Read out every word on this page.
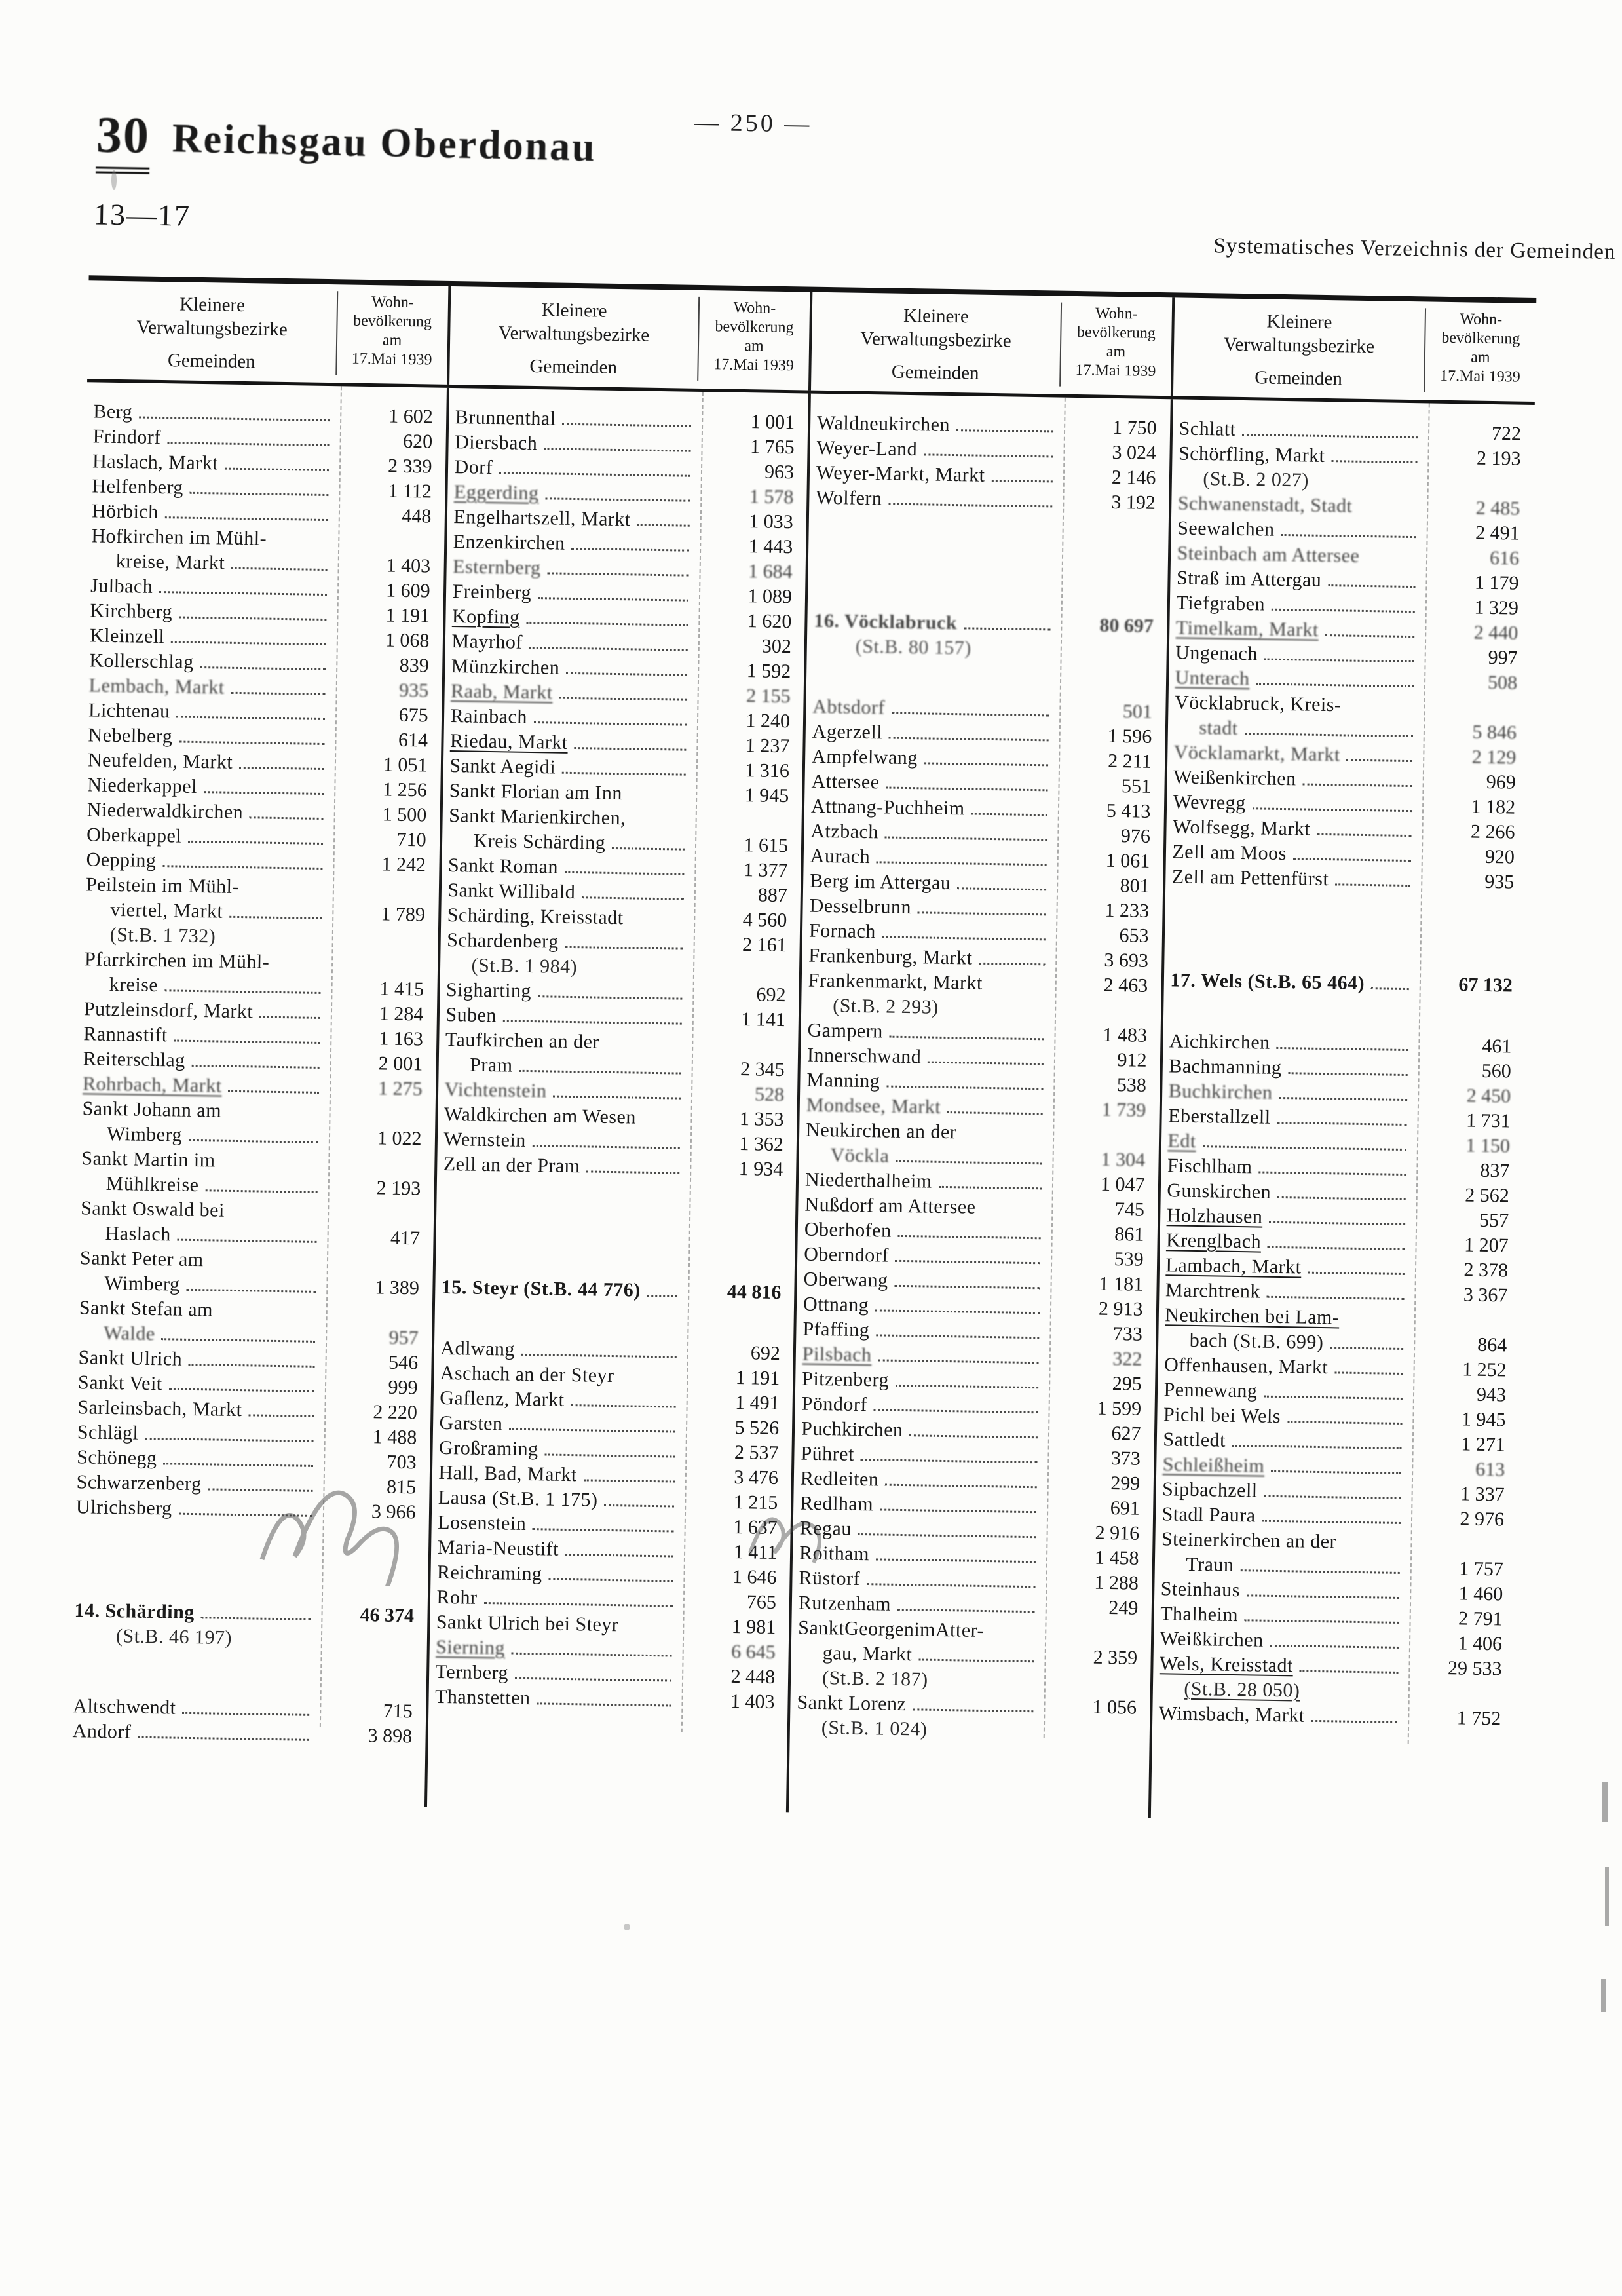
— 250 —
30 Reichsgau Oberdonau
13—17
Systematisches Verzeichnis der Gemeinden
Kleinere
Verwaltungsbezirke
Gemeinden
Wohn-
bevölkerung
am
17.Mai 1939
Kleinere
Verwaltungsbezirke
Gemeinden
Wohn-
bevölkerung
am
17.Mai 1939
Kleinere
Verwaltungsbezirke
Gemeinden
Wohn-
bevölkerung
am
17.Mai 1939
Kleinere
Verwaltungsbezirke
Gemeinden
Wohn-
bevölkerung
am
17.Mai 1939
Berg	1 602
Frindorf	620
Haslach, Markt	2 339
Helfenberg	1 112
Hörbich	448
Hofkirchen im Mühl-
kreise, Markt	1 403
Julbach	1 609
Kirchberg	1 191
Kleinzell	1 068
Kollerschlag	839
Lembach, Markt	935
Lichtenau	675
Nebelberg	614
Neufelden, Markt	1 051
Niederkappel	1 256
Niederwaldkirchen	1 500
Oberkappel	710
Oepping	1 242
Peilstein im Mühl-
viertel, Markt	1 789
(St.B. 1 732)
Pfarrkirchen im Mühl-
kreise	1 415
Putzleinsdorf, Markt	1 284
Rannastift	1 163
Reiterschlag	2 001
Rohrbach, Markt	1 275
Sankt Johann am
Wimberg	1 022
Sankt Martin im
Mühlkreise	2 193
Sankt Oswald bei
Haslach	417
Sankt Peter am
Wimberg	1 389
Sankt Stefan am
Walde	957
Sankt Ulrich	546
Sankt Veit	999
Sarleinsbach, Markt	2 220
Schlägl	1 488
Schönegg	703
Schwarzenberg	815
Ulrichsberg	3 966
14. Schärding	46 374
(St.B. 46 197)
Altschwendt	715
Andorf	3 898
Brunnenthal	1 001
Diersbach	1 765
Dorf	963
Eggerding	1 578
Engelhartszell, Markt	1 033
Enzenkirchen	1 443
Esternberg	1 684
Freinberg	1 089
Kopfing	1 620
Mayrhof	302
Münzkirchen	1 592
Raab, Markt	2 155
Rainbach	1 240
Riedau, Markt	1 237
Sankt Aegidi	1 316
Sankt Florian am Inn	1 945
Sankt Marienkirchen,
Kreis Schärding	1 615
Sankt Roman	1 377
Sankt Willibald	887
Schärding, Kreisstadt	4 560
Schardenberg	2 161
(St.B. 1 984)
Sigharting	692
Suben	1 141
Taufkirchen an der
Pram	2 345
Vichtenstein	528
Waldkirchen am Wesen	1 353
Wernstein	1 362
Zell an der Pram	1 934
15. Steyr (St.B. 44 776)	44 816
Adlwang	692
Aschach an der Steyr	1 191
Gaflenz, Markt	1 491
Garsten	5 526
Großraming	2 537
Hall, Bad, Markt	3 476
Lausa (St.B. 1 175)	1 215
Losenstein	1 637
Maria-Neustift	1 411
Reichraming	1 646
Rohr	765
Sankt Ulrich bei Steyr	1 981
Sierning	6 645
Ternberg	2 448
Thanstetten	1 403
Waldneukirchen	1 750
Weyer-Land	3 024
Weyer-Markt, Markt	2 146
Wolfern	3 192
16. Vöcklabruck	80 697
(St.B. 80 157)
Abtsdorf	501
Agerzell	1 596
Ampfelwang	2 211
Attersee	551
Attnang-Puchheim	5 413
Atzbach	976
Aurach	1 061
Berg im Attergau	801
Desselbrunn	1 233
Fornach	653
Frankenburg, Markt	3 693
Frankenmarkt, Markt	2 463
(St.B. 2 293)
Gampern	1 483
Innerschwand	912
Manning	538
Mondsee, Markt	1 739
Neukirchen an der
Vöckla	1 304
Niederthalheim	1 047
Nußdorf am Attersee	745
Oberhofen	861
Oberndorf	539
Oberwang	1 181
Ottnang	2 913
Pfaffing	733
Pilsbach	322
Pitzenberg	295
Pöndorf	1 599
Puchkirchen	627
Pühret	373
Redleiten	299
Redlham	691
Regau	2 916
Roitham	1 458
Rüstorf	1 288
Rutzenham	249
SanktGeorgenimAtter-
gau, Markt	2 359
(St.B. 2 187)
Sankt Lorenz	1 056
(St.B. 1 024)
Schlatt	722
Schörfling, Markt	2 193
(St.B. 2 027)
Schwanenstadt, Stadt	2 485
Seewalchen	2 491
Steinbach am Attersee	616
Straß im Attergau	1 179
Tiefgraben	1 329
Timelkam, Markt	2 440
Ungenach	997
Unterach	508
Vöcklabruck, Kreis-
stadt	5 846
Vöcklamarkt, Markt	2 129
Weißenkirchen	969
Wevregg	1 182
Wolfsegg, Markt	2 266
Zell am Moos	920
Zell am Pettenfürst	935
17. Wels (St.B. 65 464)	67 132
Aichkirchen	461
Bachmanning	560
Buchkirchen	2 450
Eberstallzell	1 731
Edt	1 150
Fischlham	837
Gunskirchen	2 562
Holzhausen	557
Krenglbach	1 207
Lambach, Markt	2 378
Marchtrenk	3 367
Neukirchen bei Lam-
bach (St.B. 699)	864
Offenhausen, Markt	1 252
Pennewang	943
Pichl bei Wels	1 945
Sattledt	1 271
Schleißheim	613
Sipbachzell	1 337
Stadl Paura	2 976
Steinerkirchen an der
Traun	1 757
Steinhaus	1 460
Thalheim	2 791
Weißkirchen	1 406
Wels, Kreisstadt	29 533
(St.B. 28 050)
Wimsbach, Markt	1 752
